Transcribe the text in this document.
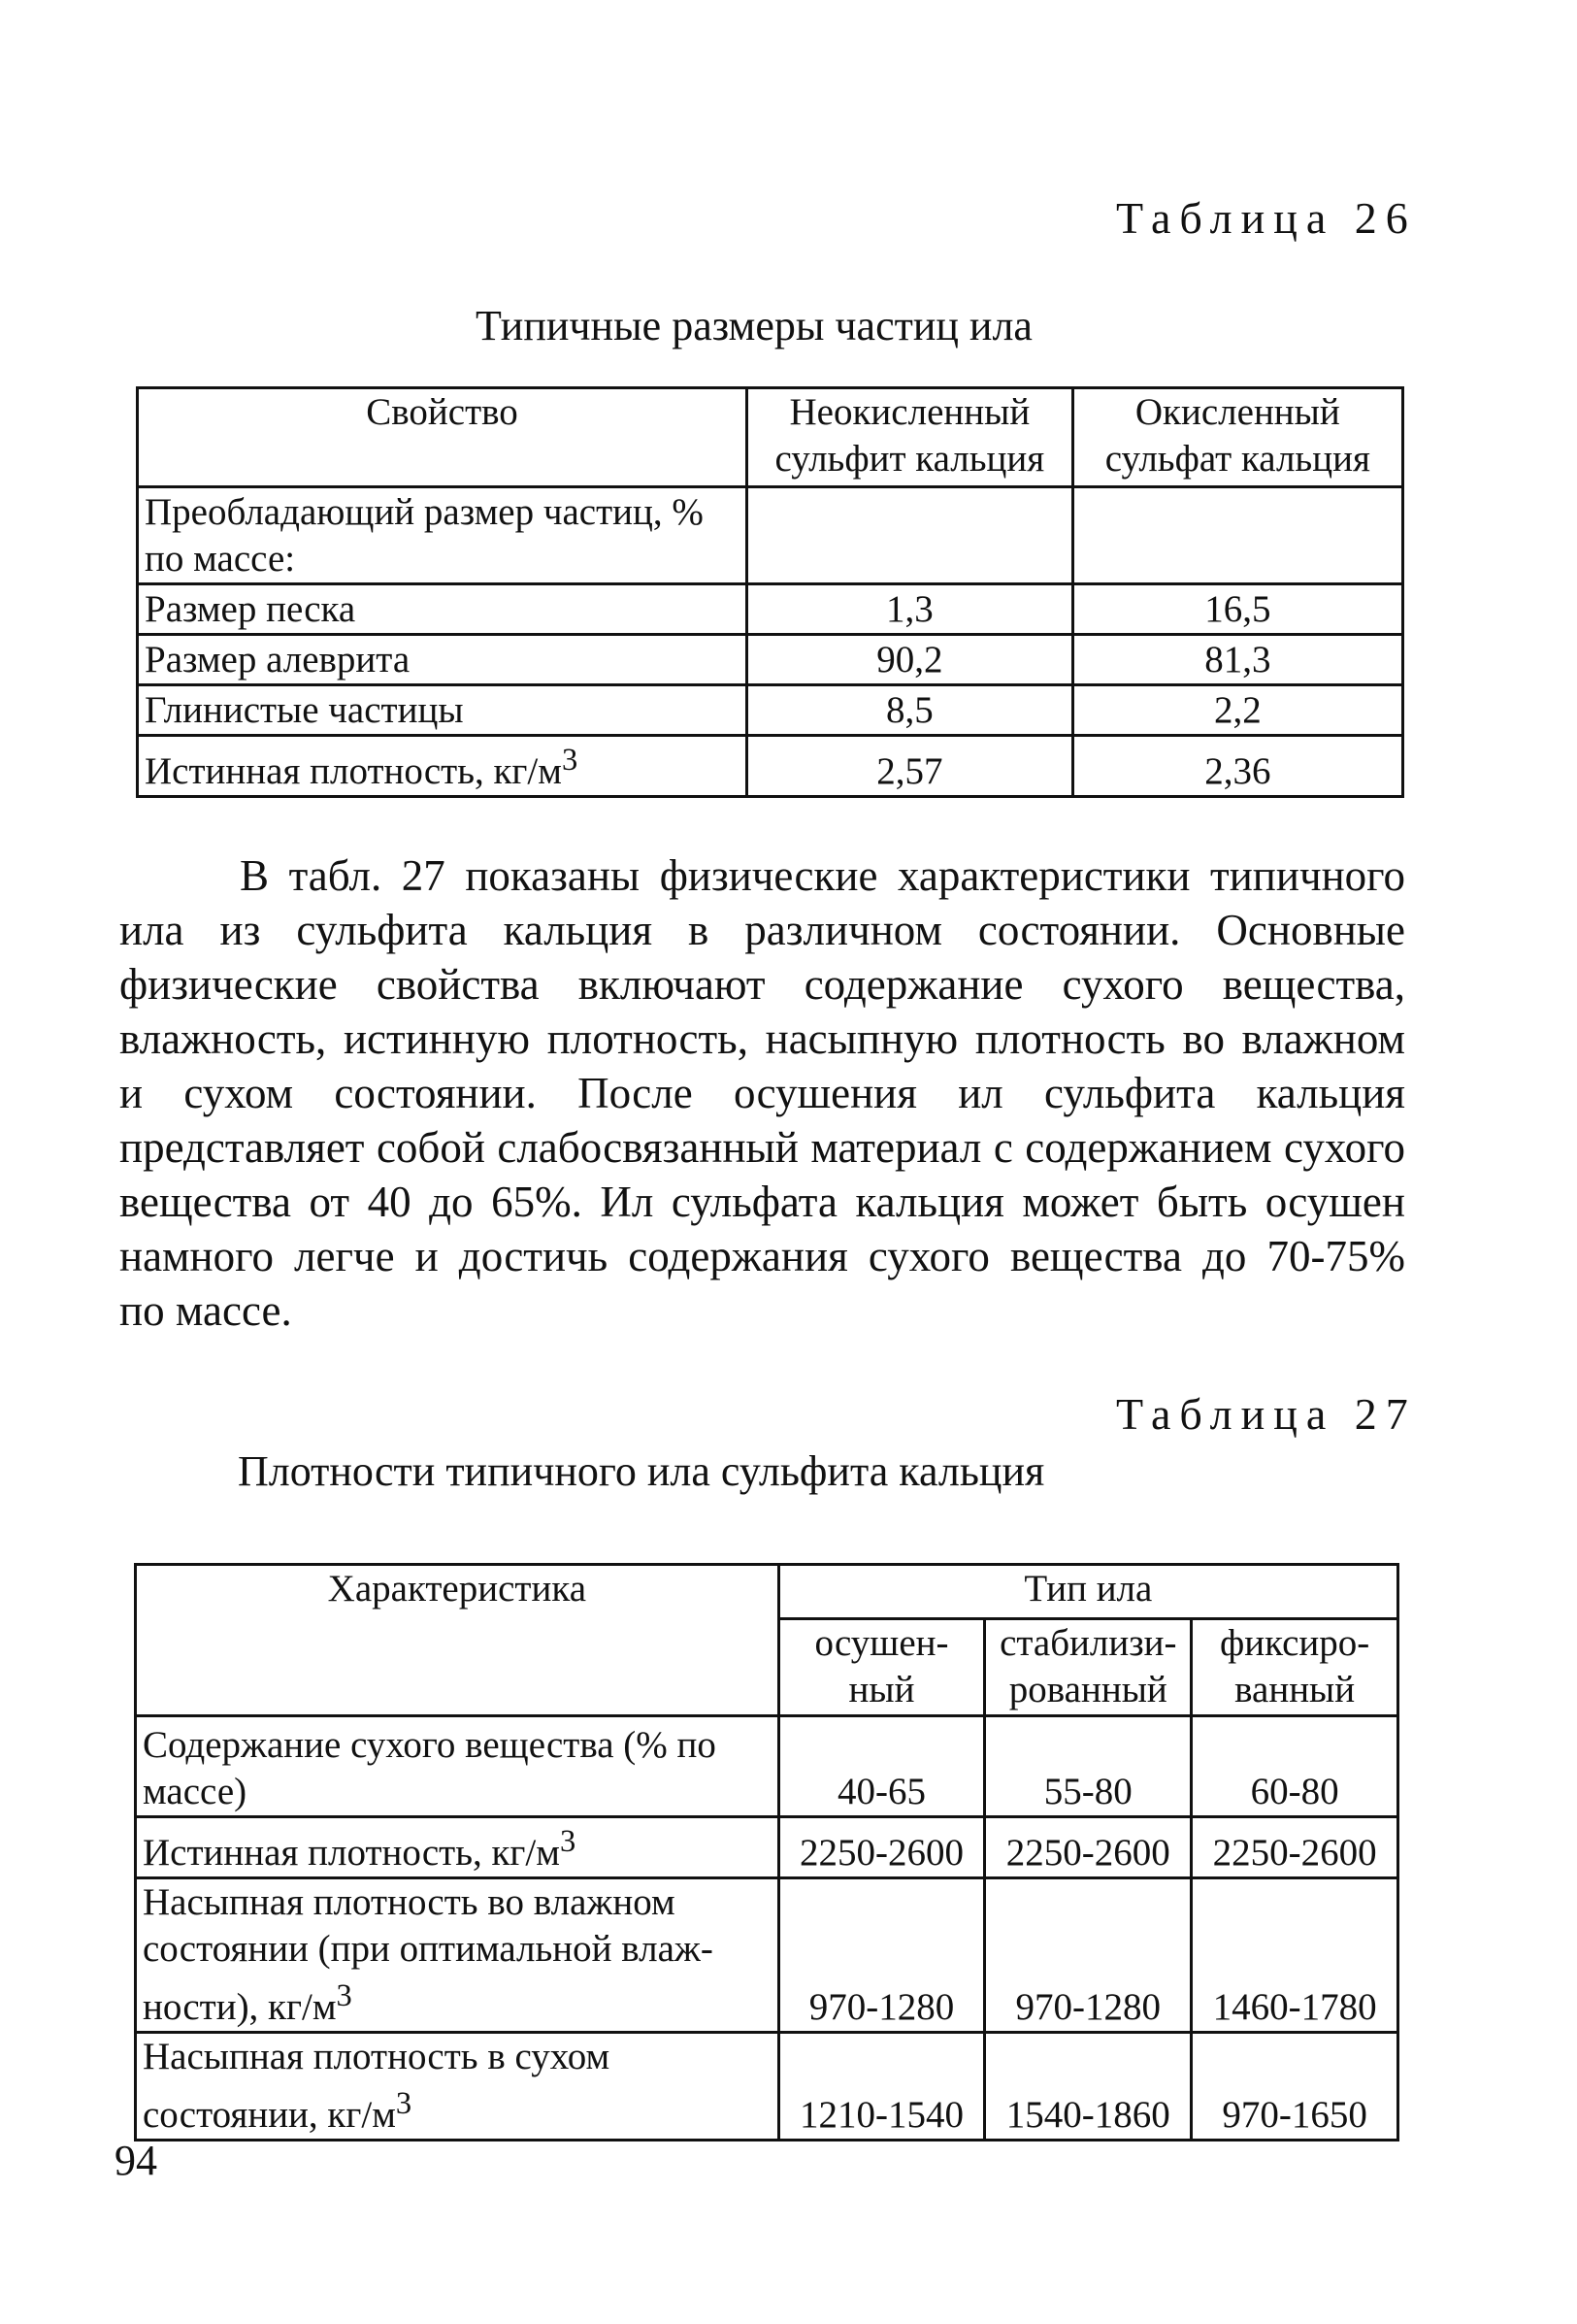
Таблица 26
Типичные размеры частиц ила
Свойство	Неокисленный сульфит кальция	Окисленный сульфат кальция
Преобладающий размер частиц, % по массе:		
Размер песка	1,3	16,5
Размер алеврита	90,2	81,3
Глинистые частицы	8,5	2,2
Истинная плотность, $кг/м^3$	2,57	2,36
В табл. 27 показаны физические характеристики типичного
ила из сульфита кальция в различном состоянии. Основные
физические свойства включают содержание сухого вещества,
влажность, истинную плотность, насыпную плотность во влажном
и сухом состоянии. После осушения ил сульфита кальция
представляет собой слабосвязанный материал с содержанием сухого
вещества от 40 до 65%. Ил сульфата кальция может быть осушен
намного легче и достичь содержания сухого вещества до 70-75%
по массе.
Таблица 27
Плотности типичного ила сульфита кальция
Характеристика	Тип ила		
	осушен-ный	стабилизи-рованный	фиксиро-ванный
Содержание сухого вещества (% по массе)	40-65	55-80	60-80
Истинная плотность, $кг/м^3$	2250-2600	2250-2600	2250-2600
Насыпная плотность во влажном состоянии (при оптимальной влаж-ности), $кг/м^3$	970-1280	970-1280	1460-1780
Насыпная плотность в сухом состоянии, $кг/м^3$	1210-1540	1540-1860	970-1650
94
